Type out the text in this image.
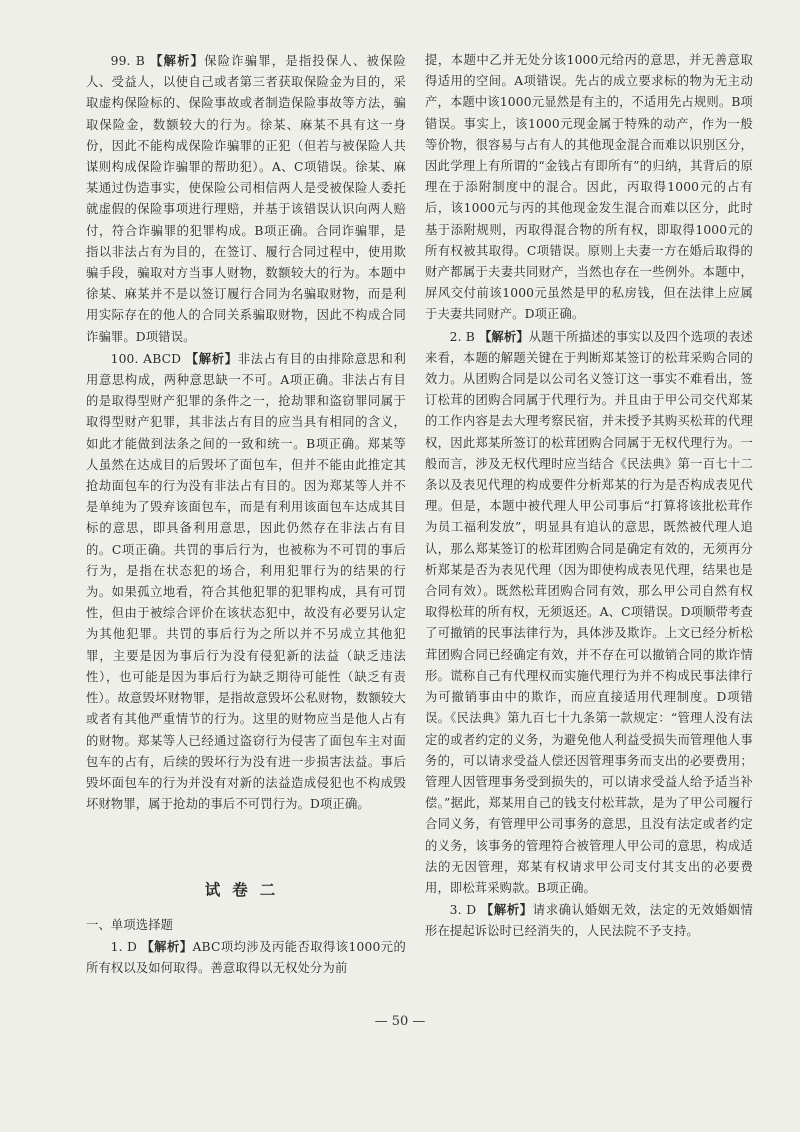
99. B 【解析】保险诈骗罪，是指投保人、被保险人、受益人，以使自己或者第三者获取保险金为目的，采取虚构保险标的、保险事故或者制造保险事故等方法，骗取保险金，数额较大的行为。徐某、麻某不具有这一身份，因此不能构成保险诈骗罪的正犯（但若与被保险人共谋则构成保险诈骗罪的帮助犯）。A、C项错误。徐某、麻某通过伪造事实，使保险公司相信两人是受被保险人委托就虚假的保险事项进行理赔，并基于该错误认识向两人赔付，符合诈骗罪的犯罪构成。B项正确。合同诈骗罪，是指以非法占有为目的，在签订、履行合同过程中，使用欺骗手段，骗取对方当事人财物，数额较大的行为。本题中徐某、麻某并不是以签订履行合同为名骗取财物，而是利用实际存在的他人的合同关系骗取财物，因此不构成合同诈骗罪。D项错误。

100. ABCD 【解析】非法占有目的由排除意思和利用意思构成，两种意思缺一不可。A项正确。非法占有目的是取得型财产犯罪的条件之一，抢劫罪和盗窃罪同属于取得型财产犯罪，其非法占有目的应当具有相同的含义，如此才能做到法条之间的一致和统一。B项正确。郑某等人虽然在达成目的后毁坏了面包车，但并不能由此推定其抢劫面包车的行为没有非法占有目的。因为郑某等人并不是单纯为了毁弃该面包车，而是有利用该面包车达成其目标的意思，即具备利用意思，因此仍然存在非法占有目的。C项正确。共罚的事后行为，也被称为不可罚的事后行为，是指在状态犯的场合，利用犯罪行为的结果的行为。如果孤立地看，符合其他犯罪的犯罪构成，具有可罚性，但由于被综合评价在该状态犯中，故没有必要另认定为其他犯罪。共罚的事后行为之所以并不另成立其他犯罪，主要是因为事后行为没有侵犯新的法益（缺乏违法性），也可能是因为事后行为缺乏期待可能性（缺乏有责性）。故意毁坏财物罪，是指故意毁坏公私财物，数额较大或者有其他严重情节的行为。这里的财物应当是他人占有的财物。郑某等人已经通过盗窃行为侵害了面包车主对面包车的占有，后续的毁坏行为没有进一步损害法益。事后毁坏面包车的行为并没有对新的法益造成侵犯也不构成毁坏财物罪，属于抢劫的事后不可罚行为。D项正确。

试卷二

一、单项选择题

1. D 【解析】ABC项均涉及丙能否取得该1000元的所有权以及如何取得。善意取得以无权处分为前

提，本题中乙并无处分该1000元给丙的意思，并无善意取得适用的空间。A项错误。先占的成立要求标的物为无主动产，本题中该1000元显然是有主的，不适用先占规则。B项错误。事实上，该1000元现金属于特殊的动产，作为一般等价物，很容易与占有人的其他现金混合而难以识别区分，因此学理上有所谓的“金钱占有即所有”的归纳，其背后的原理在于添附制度中的混合。因此，丙取得1000元的占有后，该1000元与丙的其他现金发生混合而难以区分，此时基于添附规则，丙取得混合物的所有权，即取得1000元的所有权被其取得。C项错误。原则上夫妻一方在婚后取得的财产都属于夫妻共同财产，当然也存在一些例外。本题中，屏风交付前该1000元虽然是甲的私房钱，但在法律上应属于夫妻共同财产。D项正确。

2. B 【解析】从题干所描述的事实以及四个选项的表述来看，本题的解题关键在于判断郑某签订的松茸采购合同的效力。从团购合同是以公司名义签订这一事实不难看出，签订松茸的团购合同属于代理行为。并且由于甲公司交代郑某的工作内容是去大理考察民宿，并未授予其购买松茸的代理权，因此郑某所签订的松茸团购合同属于无权代理行为。一般而言，涉及无权代理时应当结合《民法典》第一百七十二条以及表见代理的构成要件分析郑某的行为是否构成表见代理。但是，本题中被代理人甲公司事后“打算将该批松茸作为员工福利发放”，明显具有追认的意思，既然被代理人追认，那么郑某签订的松茸团购合同是确定有效的，无须再分析郑某是否为表见代理（因为即使构成表见代理，结果也是合同有效）。既然松茸团购合同有效，那么甲公司自然有权取得松茸的所有权，无须返还。A、C项错误。D项顺带考查了可撤销的民事法律行为，具体涉及欺诈。上文已经分析松茸团购合同已经确定有效，并不存在可以撤销合同的欺诈情形。谎称自己有代理权而实施代理行为并不构成民事法律行为可撤销事由中的欺诈，而应直接适用代理制度。D项错误。《民法典》第九百七十九条第一款规定：“管理人没有法定的或者约定的义务，为避免他人利益受损失而管理他人事务的，可以请求受益人偿还因管理事务而支出的必要费用；管理人因管理事务受到损失的，可以请求受益人给予适当补偿。”据此，郑某用自己的钱支付松茸款，是为了甲公司履行合同义务，有管理甲公司事务的意思，且没有法定或者约定的义务，该事务的管理符合被管理人甲公司的意思，构成适法的无因管理，郑某有权请求甲公司支付其支出的必要费用，即松茸采购款。B项正确。

3. D 【解析】请求确认婚姻无效，法定的无效婚姻情形在提起诉讼时已经消失的，人民法院不予支持。

— 50 —
